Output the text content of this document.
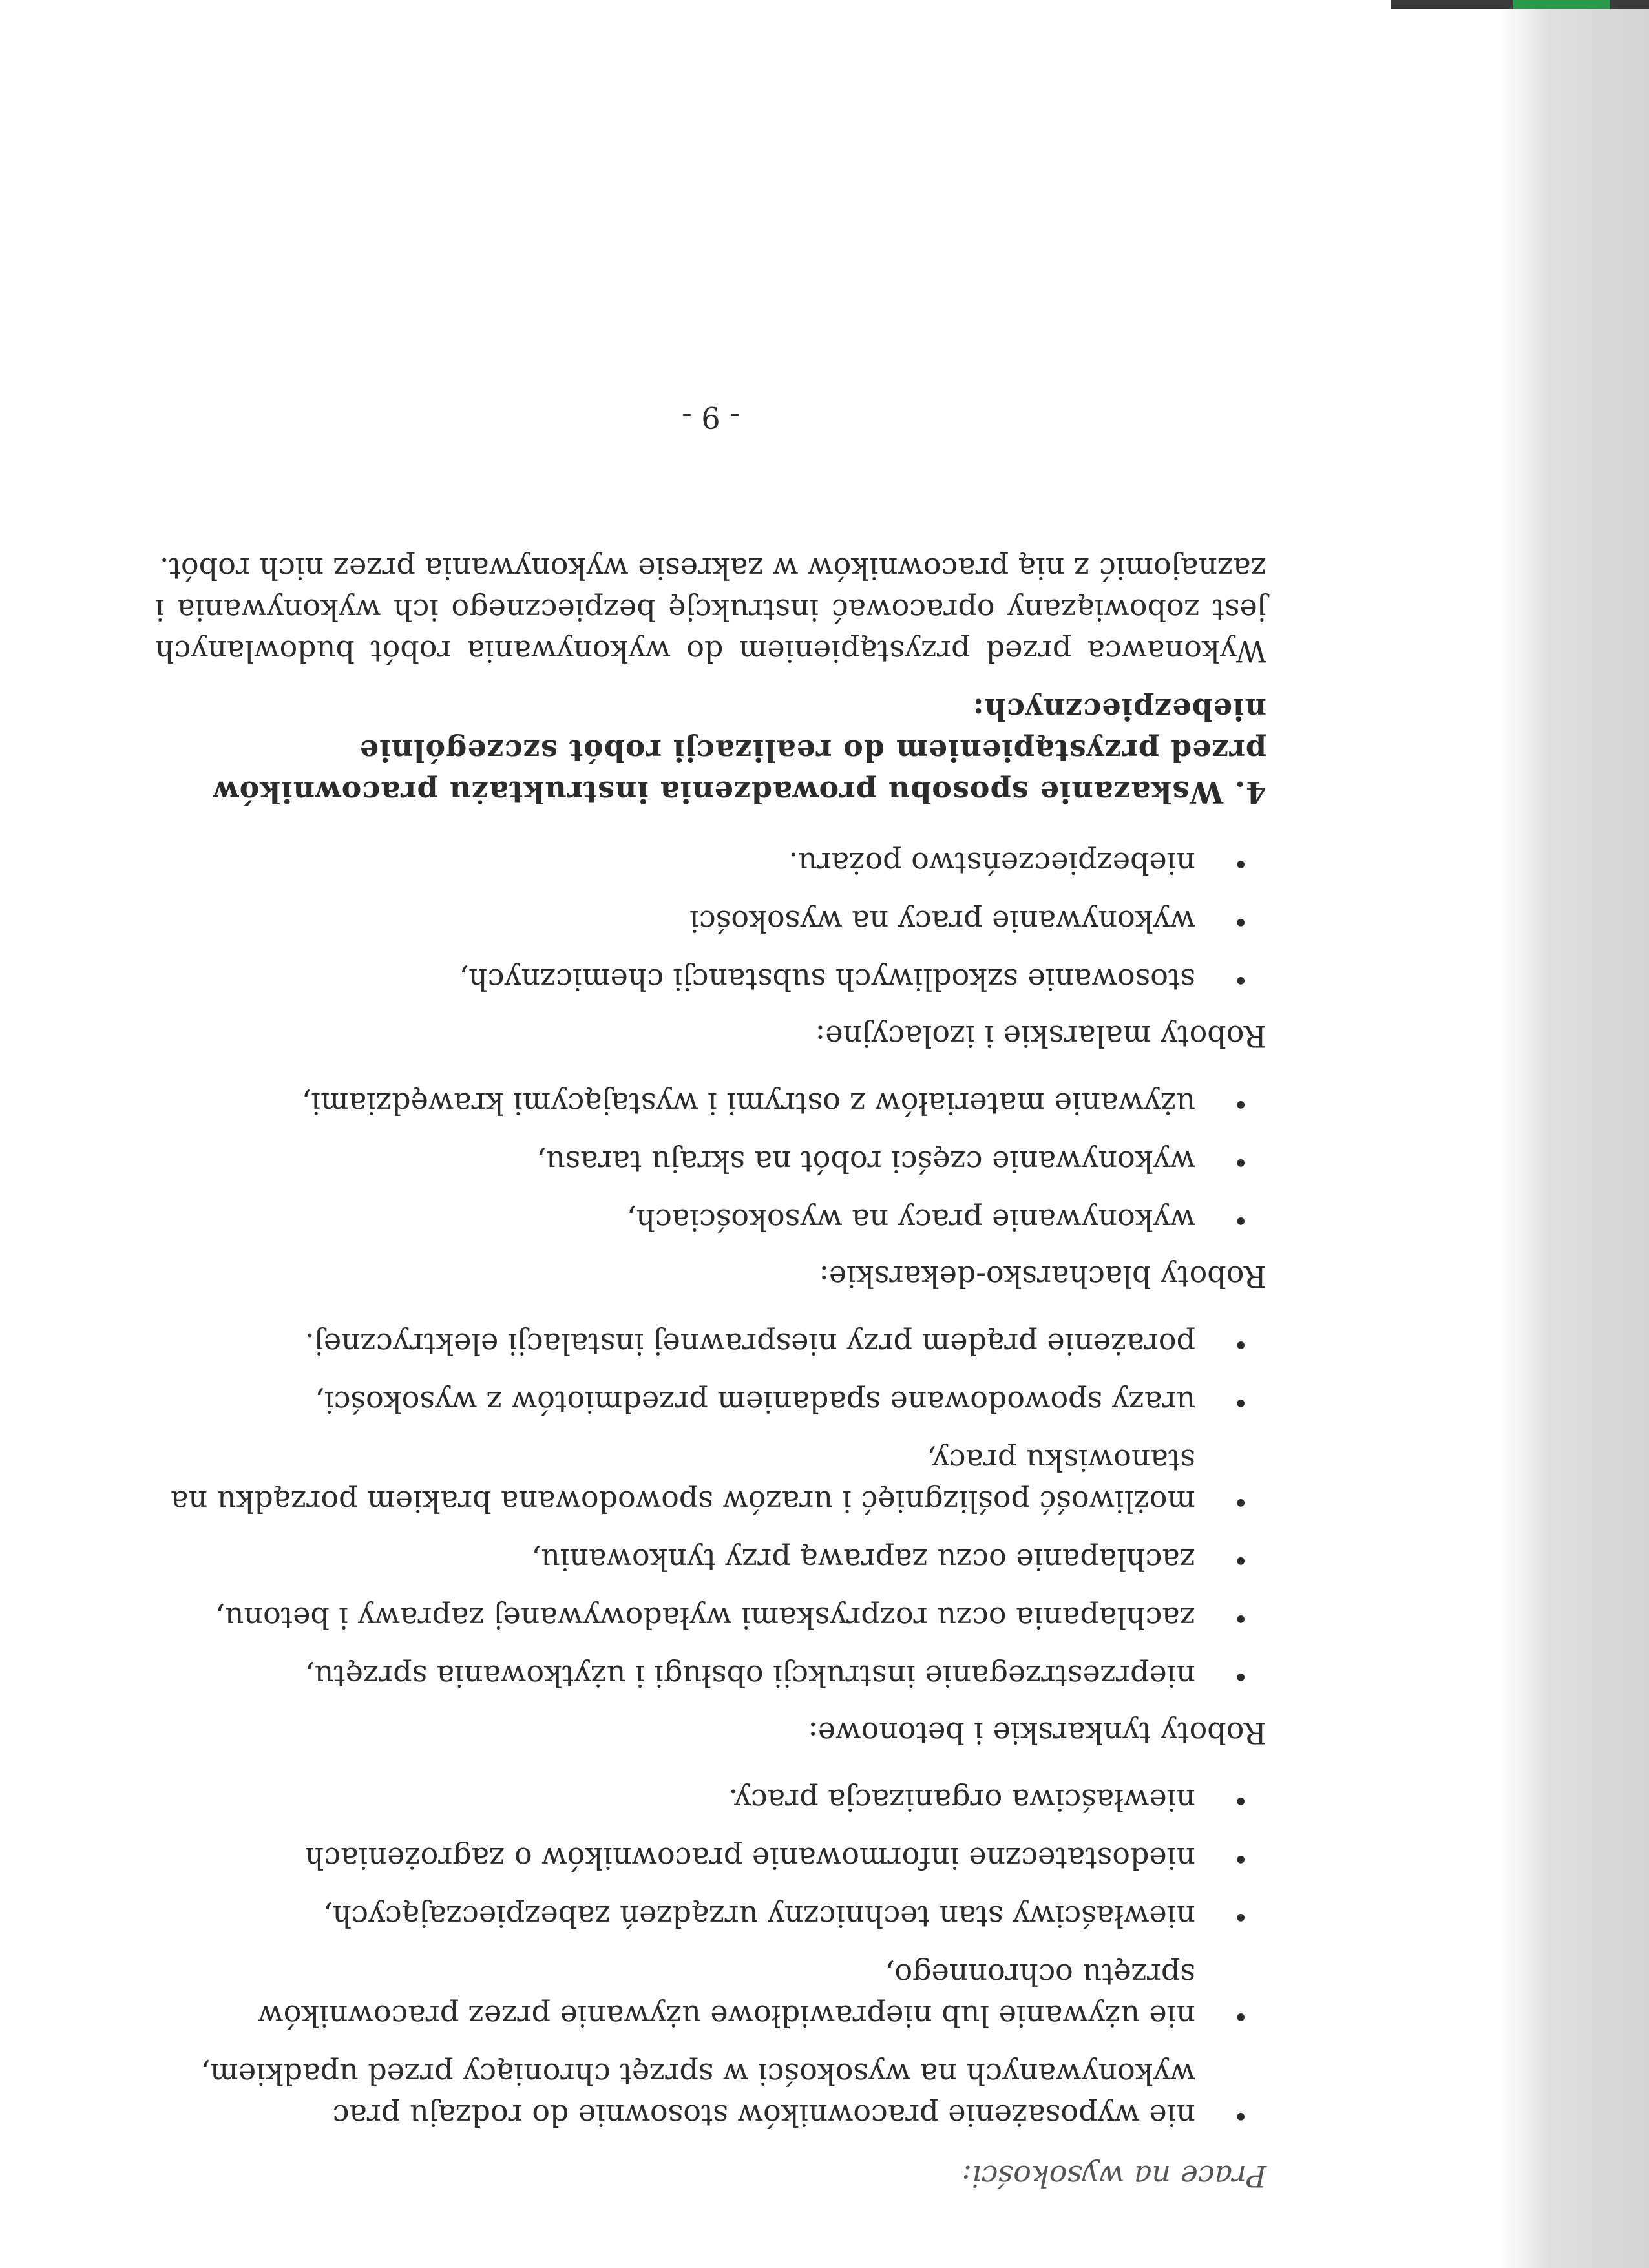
Prace na wysokości:
•
nie wyposażenie pracowników stosownie do rodzaju prac wykonywanych na wysokości w sprzęt chroniący przed upadkiem,
•
nie używanie lub nieprawidłowe używanie przez pracowników sprzętu ochronnego,
•
niewłaściwy stan techniczny urządzeń zabezpieczających,
•
niedostateczne informowanie pracowników o zagrożeniach
•
niewłaściwa organizacja pracy.
Roboty tynkarskie i betonowe:
•
nieprzestrzeganie instrukcji obsługi i użytkowania sprzętu,
•
zachlapania oczu rozpryskami wyładowywanej zaprawy i betonu,
•
zachlapanie oczu zaprawą przy tynkowaniu,
•
możliwość poślizgnięć i urazów spowodowana brakiem porządku na stanowisku pracy,
•
urazy spowodowane spadaniem przedmiotów z wysokości,
•
porażenie prądem przy niesprawnej instalacji elektrycznej.
Roboty blacharsko-dekarskie:
•
wykonywanie pracy na wysokościach,
•
wykonywanie części robót na skraju tarasu,
•
używanie materiałów z ostrymi i wystającymi krawędziami,
Roboty malarskie i izolacyjne:
•
stosowanie szkodliwych substancji chemicznych,
•
wykonywanie pracy na wysokości
•
niebezpieczeństwo pożaru.
4. Wskazanie sposobu prowadzenia instruktażu pracowników przed przystąpieniem do realizacji robót szczególnie niebezpiecznych:
Wykonawca przed przystąpieniem do wykonywania robót budowlanych jest zobowiązany opracować instrukcję bezpiecznego ich wykonywania i zaznajomić z nią pracowników w zakresie wykonywania przez nich robót.
- 9 -
